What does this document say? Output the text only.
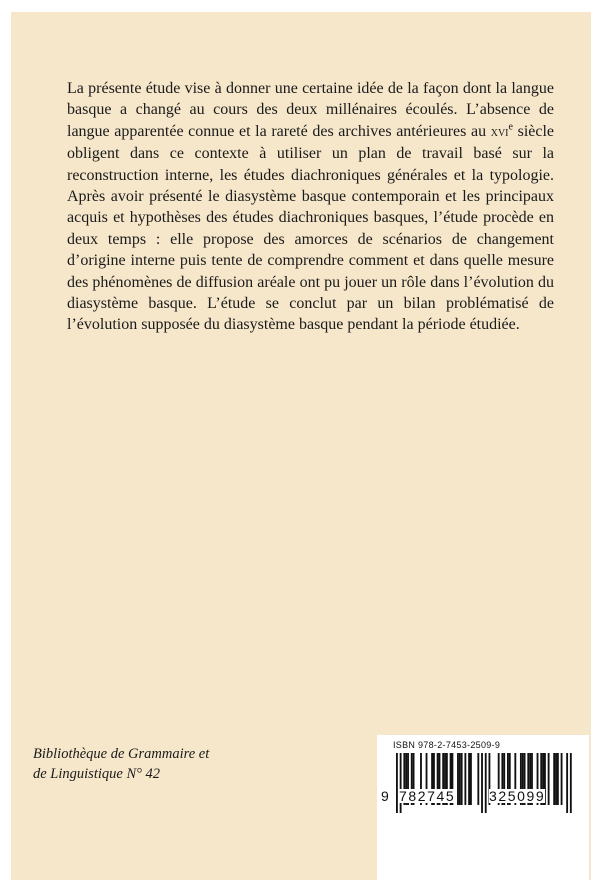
La présente étude vise à donner une certaine idée de la façon dont la langue basque a changé au cours des deux millénaires écoulés. L’absence de langue apparentée connue et la rareté des archives antérieures au xvi$^e$ siècle obligent dans ce contexte à utiliser un plan de travail basé sur la reconstruction interne, les études diachroniques générales et la typologie. Après avoir présenté le diasystème basque contemporain et les principaux acquis et hypothèses des études diachroniques basques, l’étude procède en deux temps : elle propose des amorces de scénarios de changement d’origine interne puis tente de comprendre comment et dans quelle mesure des phénomènes de diffusion aréale ont pu jouer un rôle dans l’évolution du diasystème basque. L’étude se conclut par un bilan problématisé de l’évolution supposée du diasystème basque pendant la période étudiée.

Bibliothèque de Grammaire et
de Linguistique N° 42
ISBN 978-2-7453-2509-9
9 782745 325099
